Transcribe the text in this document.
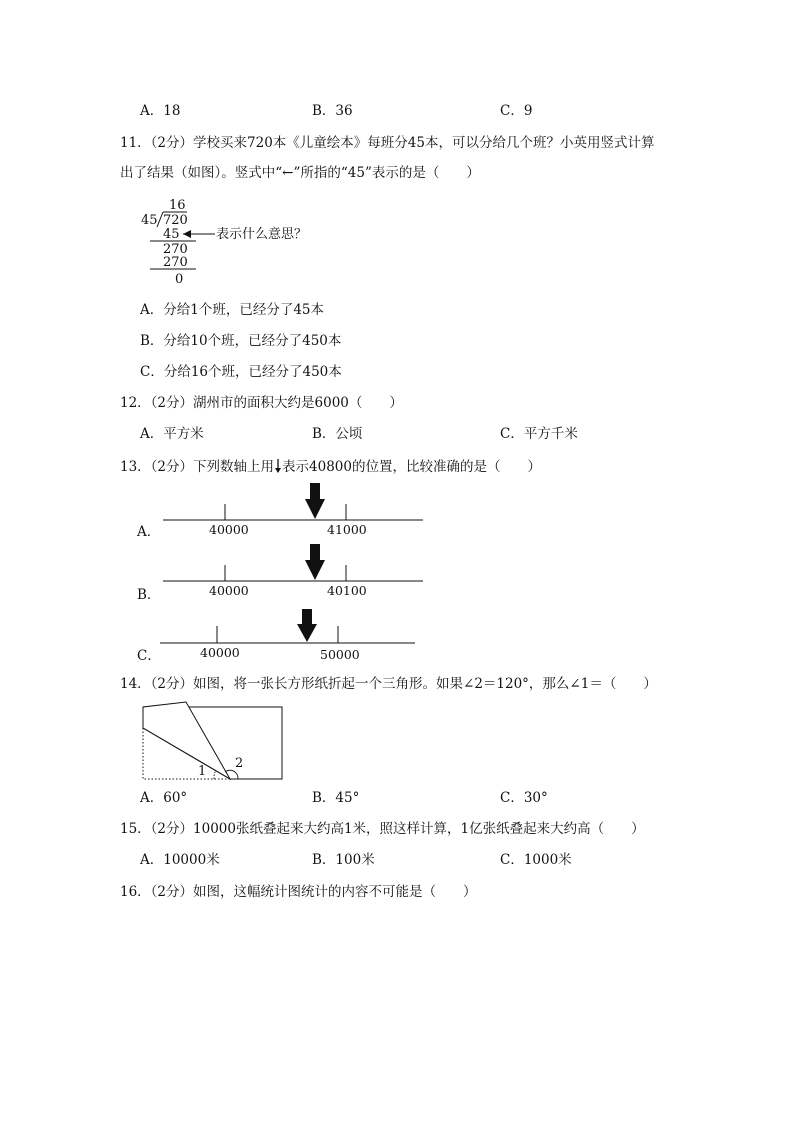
A．18	B．36	C．9
11．（2分）学校买来720本《儿童绘本》每班分45本，可以分给几个班？小英用竖式计算
出了结果（如图）。竖式中“←”所指的“45”表示的是（　　）
16
45 720
45
270
270
0
表示什么意思？
A．分给1个班，已经分了45本
B．分给10个班，已经分了450本
C．分给16个班，已经分了450本
12．（2分）湖州市的面积大约是6000（　　）
A．平方米	B．公顷	C．平方千米
13．（2分）下列数轴上用 表示40800的位置，比较准确的是（　　）
A．	40000	41000
B．	40000	40100
C．	40000	50000
14．（2分）如图，将一张长方形纸折起一个三角形。如果∠2＝120°，那么∠1＝（　　）
1
2
A．60°	B．45°	C．30°
15．（2分）10000张纸叠起来大约高1米，照这样计算，1亿张纸叠起来大约高（　　）
A．10000米	B．100米	C．1000米
16．（2分）如图，这幅统计图统计的内容不可能是（　　）
